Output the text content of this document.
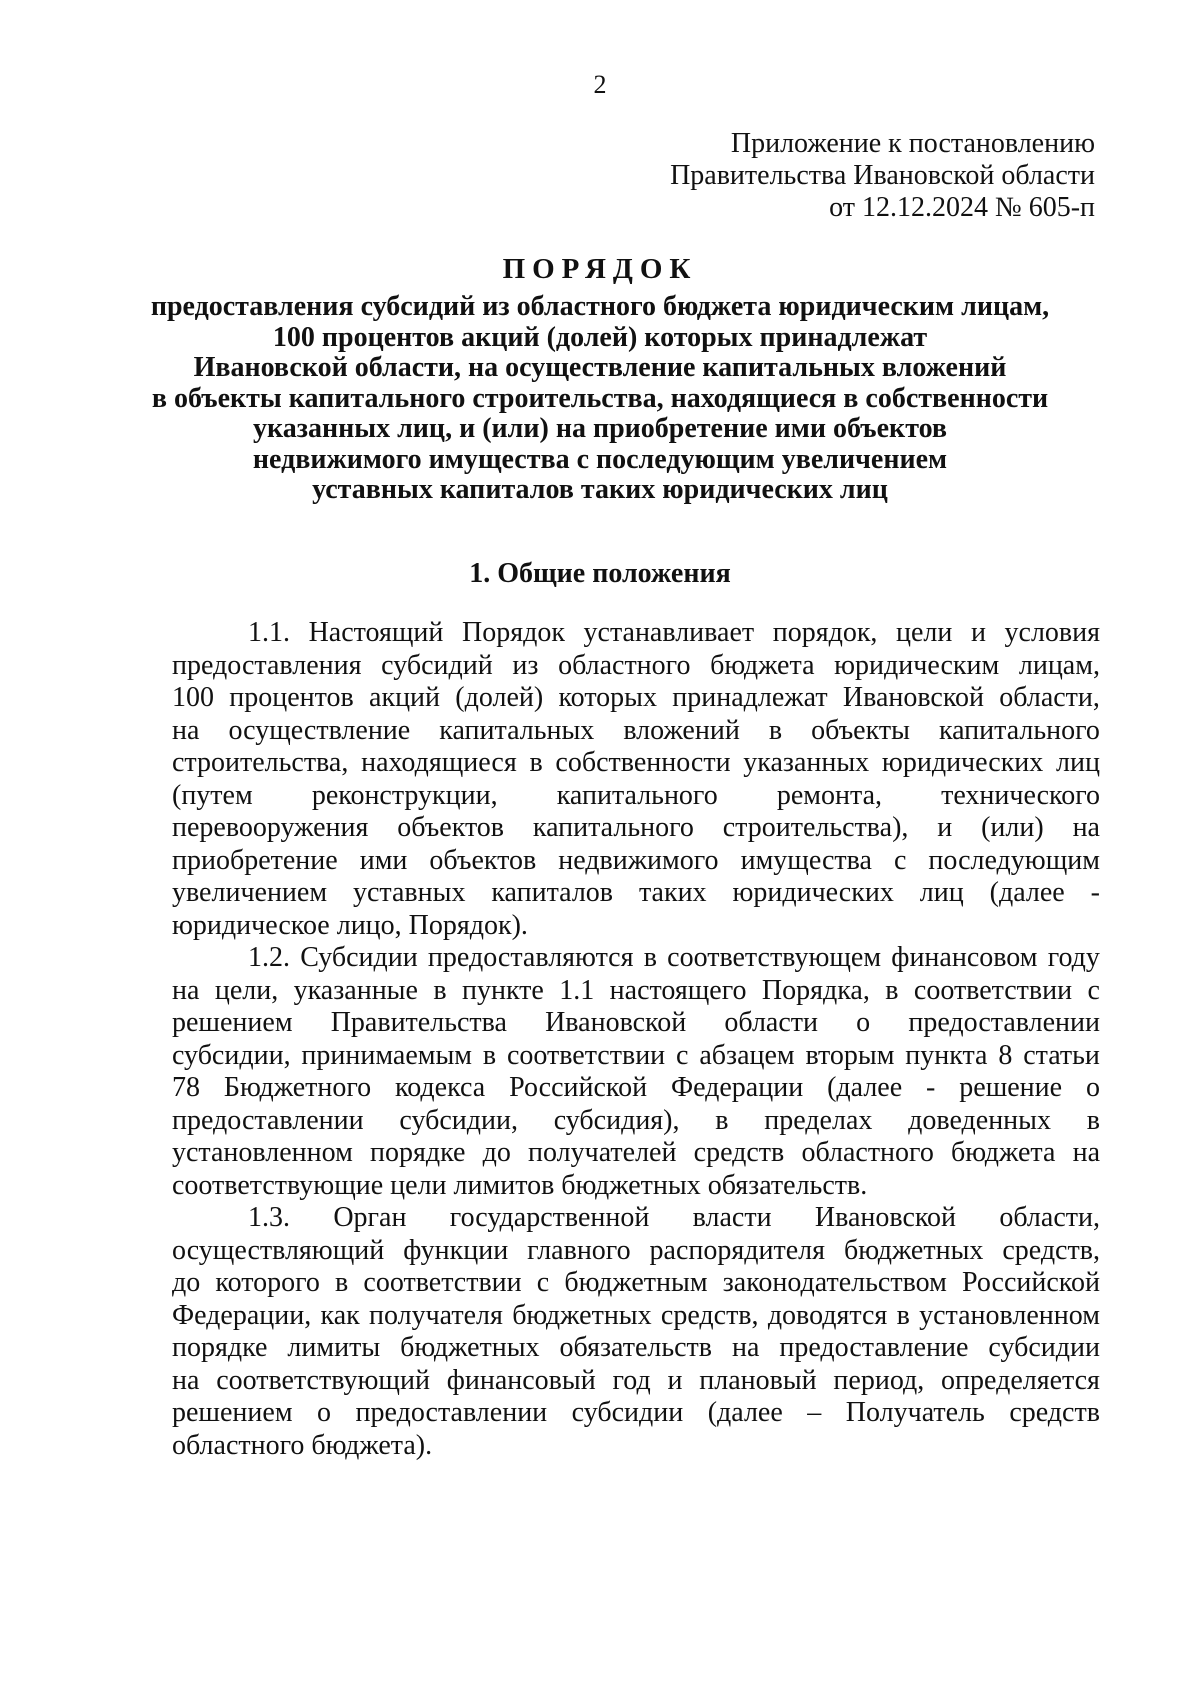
2
Приложение к постановлению
Правительства Ивановской области
от 12.12.2024 № 605-п
ПОРЯДОК
предоставления субсидий из областного бюджета юридическим лицам,
100 процентов акций (долей) которых принадлежат
Ивановской области, на осуществление капитальных вложений
в объекты капитального строительства, находящиеся в собственности
указанных лиц, и (или) на приобретение ими объектов
недвижимого имущества с последующим увеличением
уставных капиталов таких юридических лиц
1. Общие положения
1.1. Настоящий Порядок устанавливает порядок, цели и условия
предоставления субсидий из областного бюджета юридическим лицам,
100 процентов акций (долей) которых принадлежат Ивановской области,
на осуществление капитальных вложений в объекты капитального
строительства, находящиеся в собственности указанных юридических лиц
(путем реконструкции, капитального ремонта, технического
перевооружения объектов капитального строительства), и (или) на
приобретение ими объектов недвижимого имущества с последующим
увеличением уставных капиталов таких юридических лиц (далее -
юридическое лицо, Порядок).
1.2. Субсидии предоставляются в соответствующем финансовом году
на цели, указанные в пункте 1.1 настоящего Порядка, в соответствии с
решением Правительства Ивановской области о предоставлении
субсидии, принимаемым в соответствии с абзацем вторым пункта 8 статьи
78 Бюджетного кодекса Российской Федерации (далее - решение о
предоставлении субсидии, субсидия), в пределах доведенных в
установленном порядке до получателей средств областного бюджета на
соответствующие цели лимитов бюджетных обязательств.
1.3. Орган государственной власти Ивановской области,
осуществляющий функции главного распорядителя бюджетных средств,
до которого в соответствии с бюджетным законодательством Российской
Федерации, как получателя бюджетных средств, доводятся в установленном
порядке лимиты бюджетных обязательств на предоставление субсидии
на соответствующий финансовый год и плановый период, определяется
решением о предоставлении субсидии (далее – Получатель средств
областного бюджета).
